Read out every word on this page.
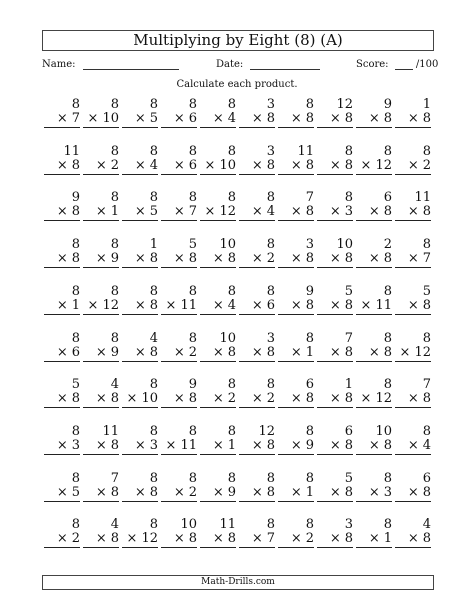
Multiplying by Eight (8) (A)
Name:	Date:	Score:	/100
Calculate each product.
8
× 7
8
× 10
8
× 5
8
× 6
8
× 4
3
× 8
8
× 8
12
× 8
9
× 8
1
× 8
11
× 8
8
× 2
8
× 4
8
× 6
8
× 10
3
× 8
11
× 8
8
× 8
8
× 12
8
× 2
9
× 8
8
× 1
8
× 5
8
× 7
8
× 12
8
× 4
7
× 8
8
× 3
6
× 8
11
× 8
8
× 8
8
× 9
1
× 8
5
× 8
10
× 8
8
× 2
3
× 8
10
× 8
2
× 8
8
× 7
8
× 1
8
× 12
8
× 8
8
× 11
8
× 4
8
× 6
9
× 8
5
× 8
8
× 11
5
× 8
8
× 6
8
× 9
4
× 8
8
× 2
10
× 8
3
× 8
8
× 1
7
× 8
8
× 8
8
× 12
5
× 8
4
× 8
8
× 10
9
× 8
8
× 2
8
× 2
6
× 8
1
× 8
8
× 12
7
× 8
8
× 3
11
× 8
8
× 3
8
× 11
8
× 1
12
× 8
8
× 9
6
× 8
10
× 8
8
× 4
8
× 5
7
× 8
8
× 8
8
× 2
8
× 9
8
× 8
8
× 1
5
× 8
8
× 3
6
× 8
8
× 2
4
× 8
8
× 12
10
× 8
11
× 8
8
× 7
8
× 2
3
× 8
8
× 1
4
× 8
Math-Drills.com
